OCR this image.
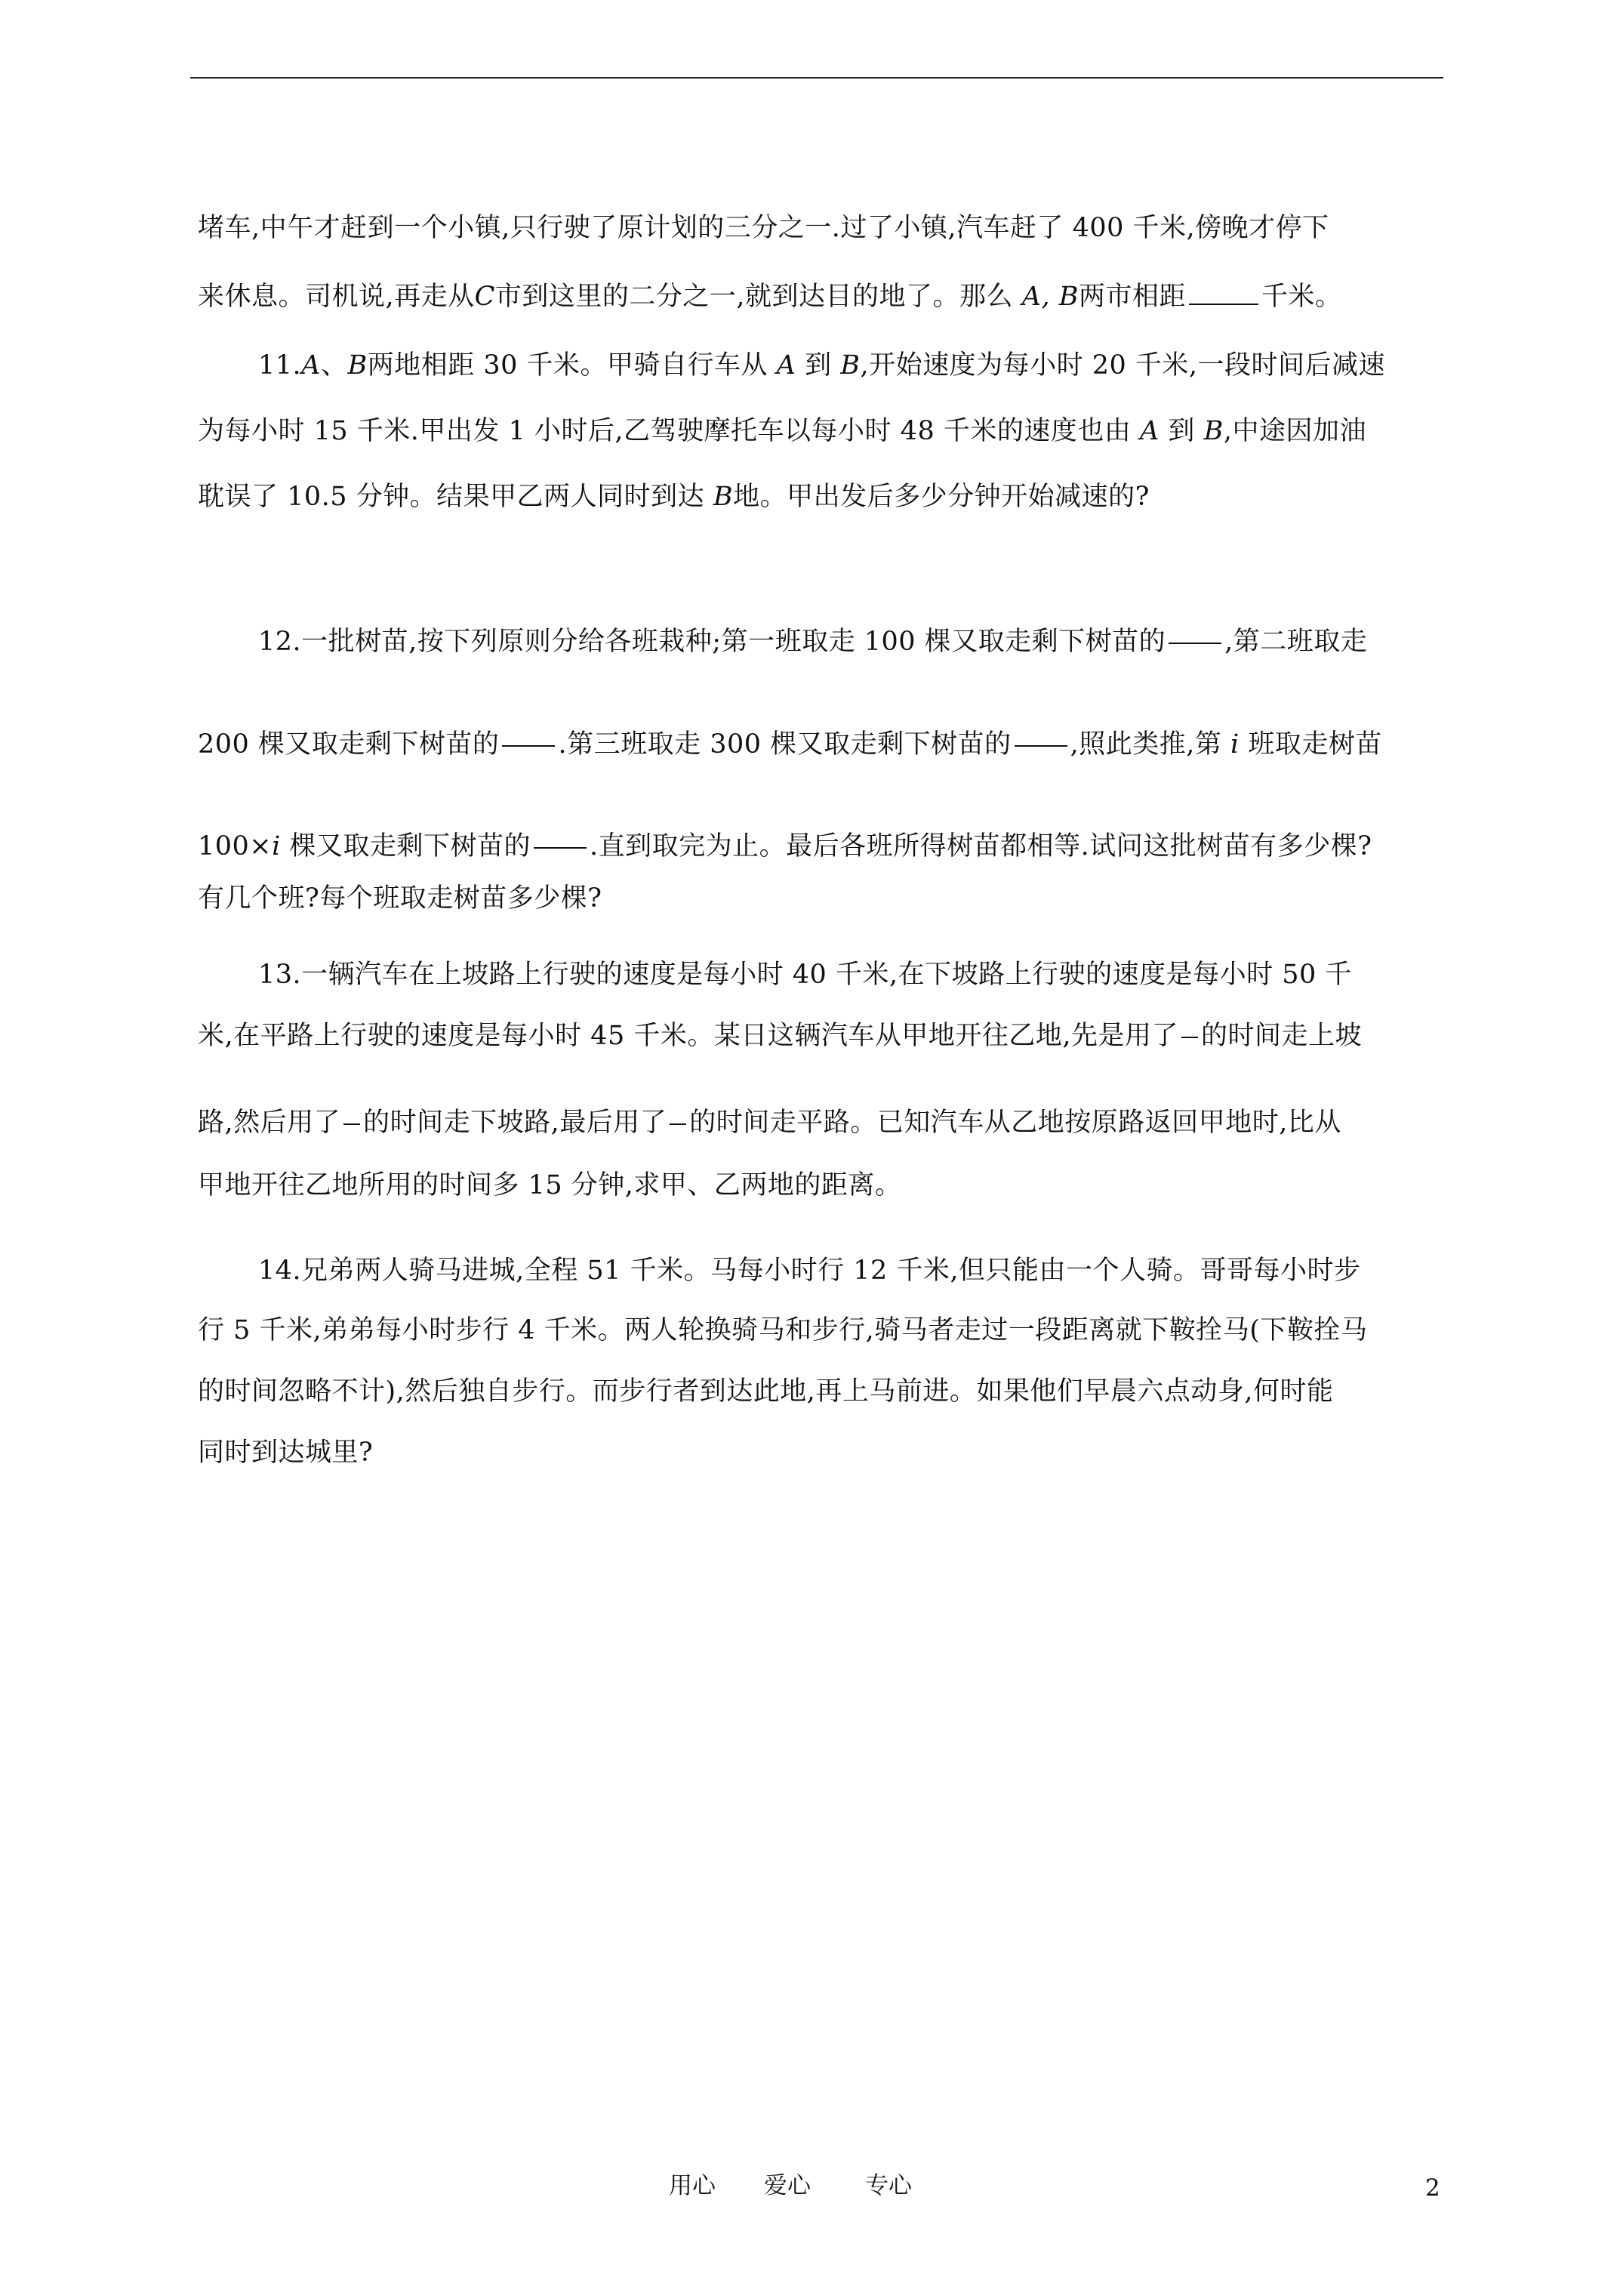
堵车,中午才赶到一个小镇,只行驶了原计划的三分之一.过了小镇,汽车赶了 400 千米,傍晚才停下
来休息。司机说,再走从C市到这里的二分之一,就到达目的地了。那么 A, B两市相距	千米。
11.A、B两地相距 30 千米。甲骑自行车从 A 到 B,开始速度为每小时 20 千米,一段时间后减速
为每小时 15 千米.甲出发 1 小时后,乙驾驶摩托车以每小时 48 千米的速度也由 A 到 B,中途因加油
耽误了 10.5 分钟。结果甲乙两人同时到达 B地。甲出发后多少分钟开始减速的?
12.一批树苗,按下列原则分给各班栽种;第一班取走 100 棵又取走剩下树苗的 ,第二班取走
200 棵又取走剩下树苗的 .第三班取走 300 棵又取走剩下树苗的 ,照此类推,第 i 班取走树苗
100×i 棵又取走剩下树苗的 .直到取完为止。最后各班所得树苗都相等.试问这批树苗有多少棵?
有几个班?每个班取走树苗多少棵?
13.一辆汽车在上坡路上行驶的速度是每小时 40 千米,在下坡路上行驶的速度是每小时 50 千
米,在平路上行驶的速度是每小时 45 千米。某日这辆汽车从甲地开往乙地,先是用了 的时间走上坡
路,然后用了 的时间走下坡路,最后用了 的时间走平路。已知汽车从乙地按原路返回甲地时,比从
甲地开往乙地所用的时间多 15 分钟,求甲、乙两地的距离。
14.兄弟两人骑马进城,全程 51 千米。马每小时行 12 千米,但只能由一个人骑。哥哥每小时步
行 5 千米,弟弟每小时步行 4 千米。两人轮换骑马和步行,骑马者走过一段距离就下鞍拴马(下鞍拴马
的时间忽略不计),然后独自步行。而步行者到达此地,再上马前进。如果他们早晨六点动身,何时能
同时到达城里?
用心 爱心 专心	2
